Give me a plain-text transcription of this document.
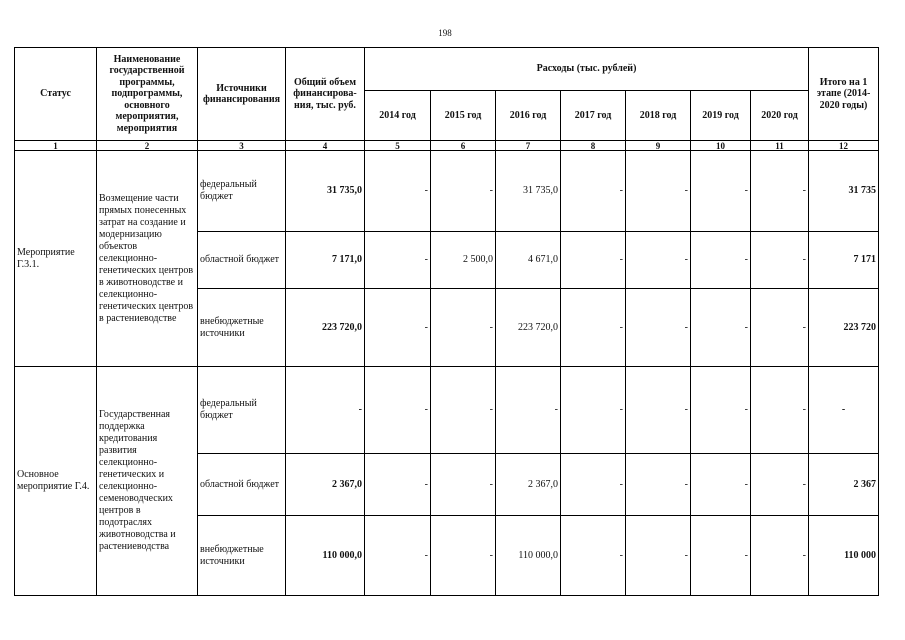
198
Статус	Наименование государственной программы, подпрограммы, основного мероприятия, мероприятия	Источники финансирования	Общий объем финансирова-ния, тыс. руб.	Расходы (тыс. рублей)							Итого на 1 этапе (2014-2020 годы)
				2014 год	2015 год	2016 год	2017 год	2018 год	2019 год	2020 год	
1	2	3	4	5	6	7	8	9	10	11	12
Мероприятие Г.3.1.	Возмещение части прямых понесенных затрат на создание и модернизацию объектов селекционно-генетических центров в животноводстве и селекционно-генетических центров в растениеводстве	федеральный бюджет	31 735,0	-	-	31 735,0	-	-	-	-	31 735
		областной бюджет	7 171,0	-	2 500,0	4 671,0	-	-	-	-	7 171
		внебюджетные источники	223 720,0	-	-	223 720,0	-	-	-	-	223 720
Основное мероприятие Г.4.	Государственная поддержка кредитования развития селекционно-генетических и селекционно-семеноводческих центров в подотраслях животноводства и растениеводства	федеральный бюджет	-	-	-	-	-	-	-	-	-
		областной бюджет	2 367,0	-	-	2 367,0	-	-	-	-	2 367
		внебюджетные источники	110 000,0	-	-	110 000,0	-	-	-	-	110 000
